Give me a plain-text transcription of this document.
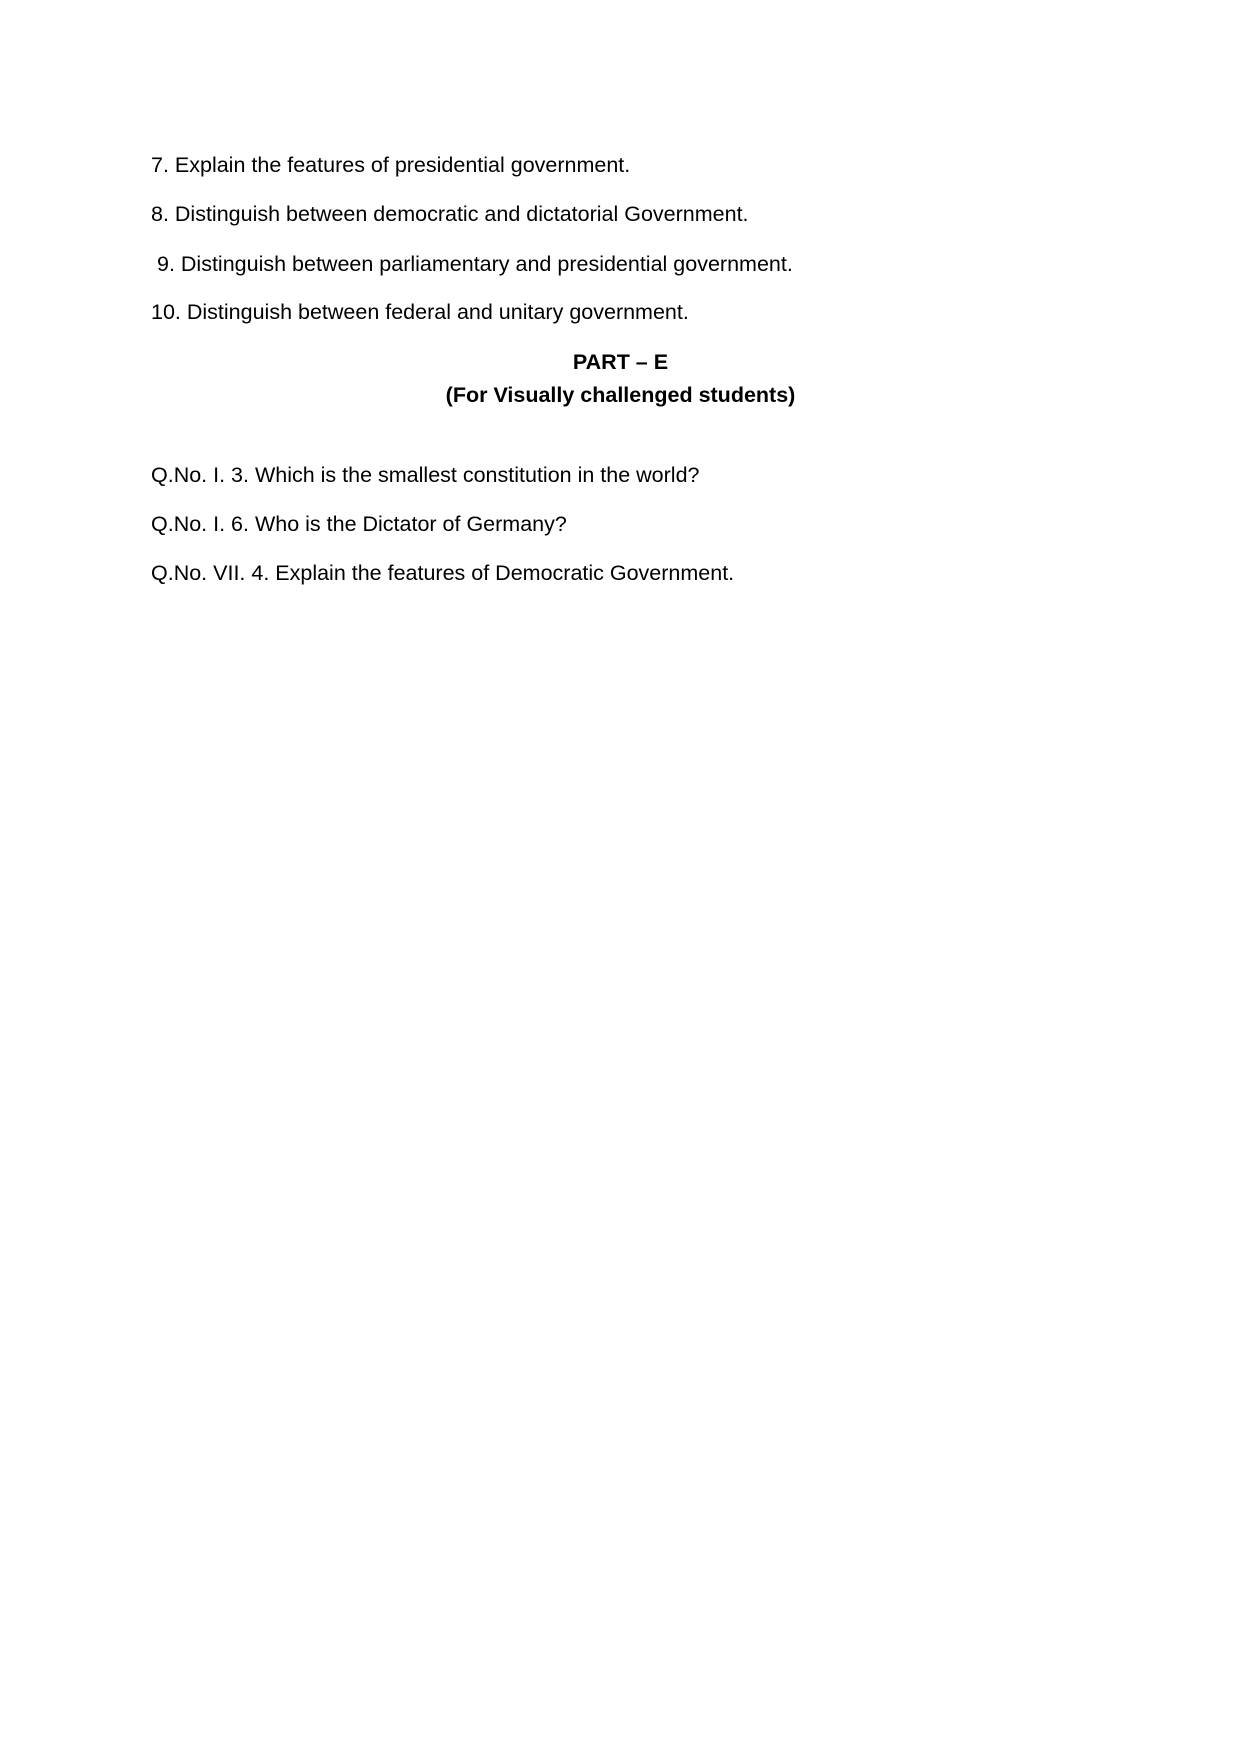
7. Explain the features of presidential government.

8. Distinguish between democratic and dictatorial Government.

9. Distinguish between parliamentary and presidential government.

10. Distinguish between federal and unitary government.

PART – E

(For Visually challenged students)

Q.No. I. 3. Which is the smallest constitution in the world?

Q.No. I. 6. Who is the Dictator of Germany?

Q.No. VII. 4. Explain the features of Democratic Government.
